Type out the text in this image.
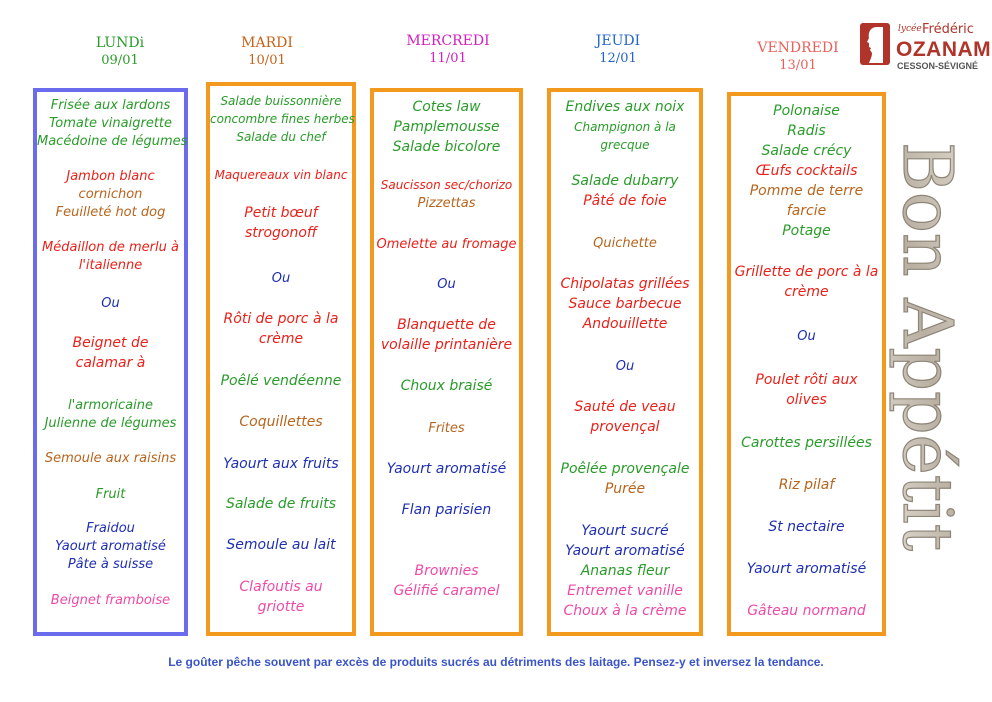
LUNDi
09/01
MARDI
10/01
MERCREDI
11/01
JEUDI
12/01
VENDREDI
13/01
lycée Frédéric
OZANAM
CESSON-SÉVIGNÉ
Frisée aux lardons
Tomate vinaigrette
Macédoine de légumes
Jambon blanc
cornichon
Feuilleté hot dog
Médaillon de merlu à
l'italienne
Ou
Beignet de
calamar à
l'armoricaine
Julienne de légumes
Semoule aux raisins
Fruit
Fraidou
Yaourt aromatisé
Pâte à suisse
Beignet framboise
Salade buissonnière
concombre fines herbes
Salade du chef
Maquereaux vin blanc
Petit bœuf
strogonoff
Ou
Rôti de porc à la
crème
Poêlé vendéenne
Coquillettes
Yaourt aux fruits
Salade de fruits
Semoule au lait
Clafoutis au
griotte
Cotes law
Pamplemousse
Salade bicolore
Saucisson sec/chorizo
Pizzettas
Omelette au fromage
Ou
Blanquette de
volaille printanière
Choux braisé
Frites
Yaourt aromatisé
Flan parisien
Brownies
Gélifié caramel
Endives aux noix
Champignon à la
grecque
Salade dubarry
Pâté de foie
Quichette
Chipolatas grillées
Sauce barbecue
Andouillette
Ou
Sauté de veau
provençal
Poêlée provençale
Purée
Yaourt sucré
Yaourt aromatisé
Ananas fleur
Entremet vanille
Choux à la crème
Polonaise
Radis
Salade crécy
Œufs cocktails
Pomme de terre
farcie
Potage
Grillette de porc à la
crème
Ou
Poulet rôti aux
olives
Carottes persillées
Riz pilaf
St nectaire
Yaourt aromatisé
Gâteau normand
Bon Appétit
Le goûter pêche souvent par excès de produits sucrés au détriments des laitage. Pensez-y et inversez la tendance.
